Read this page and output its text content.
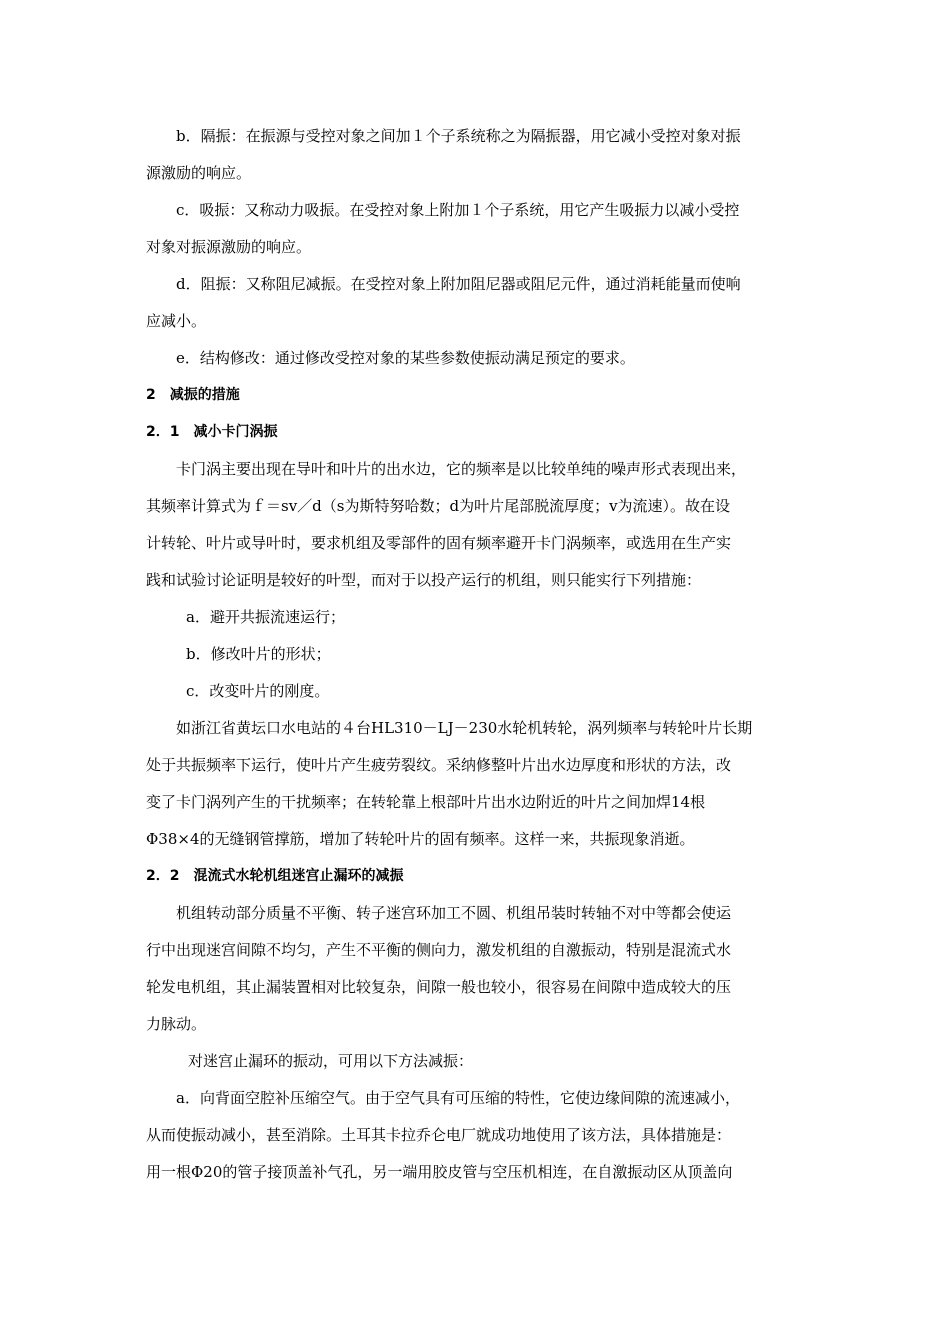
b．隔振：在振源与受控对象之间加１个子系统称之为隔振器，用它减小受控对象对振
源激励的响应。
c．吸振：又称动力吸振。在受控对象上附加１个子系统，用它产生吸振力以减小受控
对象对振源激励的响应。
d．阻振：又称阻尼减振。在受控对象上附加阻尼器或阻尼元件，通过消耗能量而使响
应减小。
e．结构修改：通过修改受控对象的某些参数使振动满足预定的要求。
2　减振的措施
2．1　减小卡门涡振
卡门涡主要出现在导叶和叶片的出水边，它的频率是以比较单纯的噪声形式表现出来，
其频率计算式为ｆ＝sv／d（s为斯特努哈数；d为叶片尾部脱流厚度；v为流速）。故在设
计转轮、叶片或导叶时，要求机组及零部件的固有频率避开卡门涡频率，或选用在生产实
践和试验讨论证明是较好的叶型，而对于以投产运行的机组，则只能实行下列措施：
a．避开共振流速运行；
b．修改叶片的形状；
c．改变叶片的刚度。
如浙江省黄坛口水电站的４台HL310－LJ－230水轮机转轮，涡列频率与转轮叶片长期
处于共振频率下运行，使叶片产生疲劳裂纹。采纳修整叶片出水边厚度和形状的方法，改
变了卡门涡列产生的干扰频率；在转轮靠上根部叶片出水边附近的叶片之间加焊14根
Φ38×4的无缝钢管撑筋，增加了转轮叶片的固有频率。这样一来，共振现象消逝。
2．2　混流式水轮机组迷宫止漏环的减振
机组转动部分质量不平衡、转子迷宫环加工不圆、机组吊装时转轴不对中等都会使运
行中出现迷宫间隙不均匀，产生不平衡的侧向力，激发机组的自激振动，特别是混流式水
轮发电机组，其止漏装置相对比较复杂，间隙一般也较小，很容易在间隙中造成较大的压
力脉动。
对迷宫止漏环的振动，可用以下方法减振：
a．向背面空腔补压缩空气。由于空气具有可压缩的特性，它使边缘间隙的流速减小，
从而使振动减小，甚至消除。土耳其卡拉乔仑电厂就成功地使用了该方法，具体措施是：
用一根Φ20的管子接顶盖补气孔，另一端用胶皮管与空压机相连，在自激振动区从顶盖向
